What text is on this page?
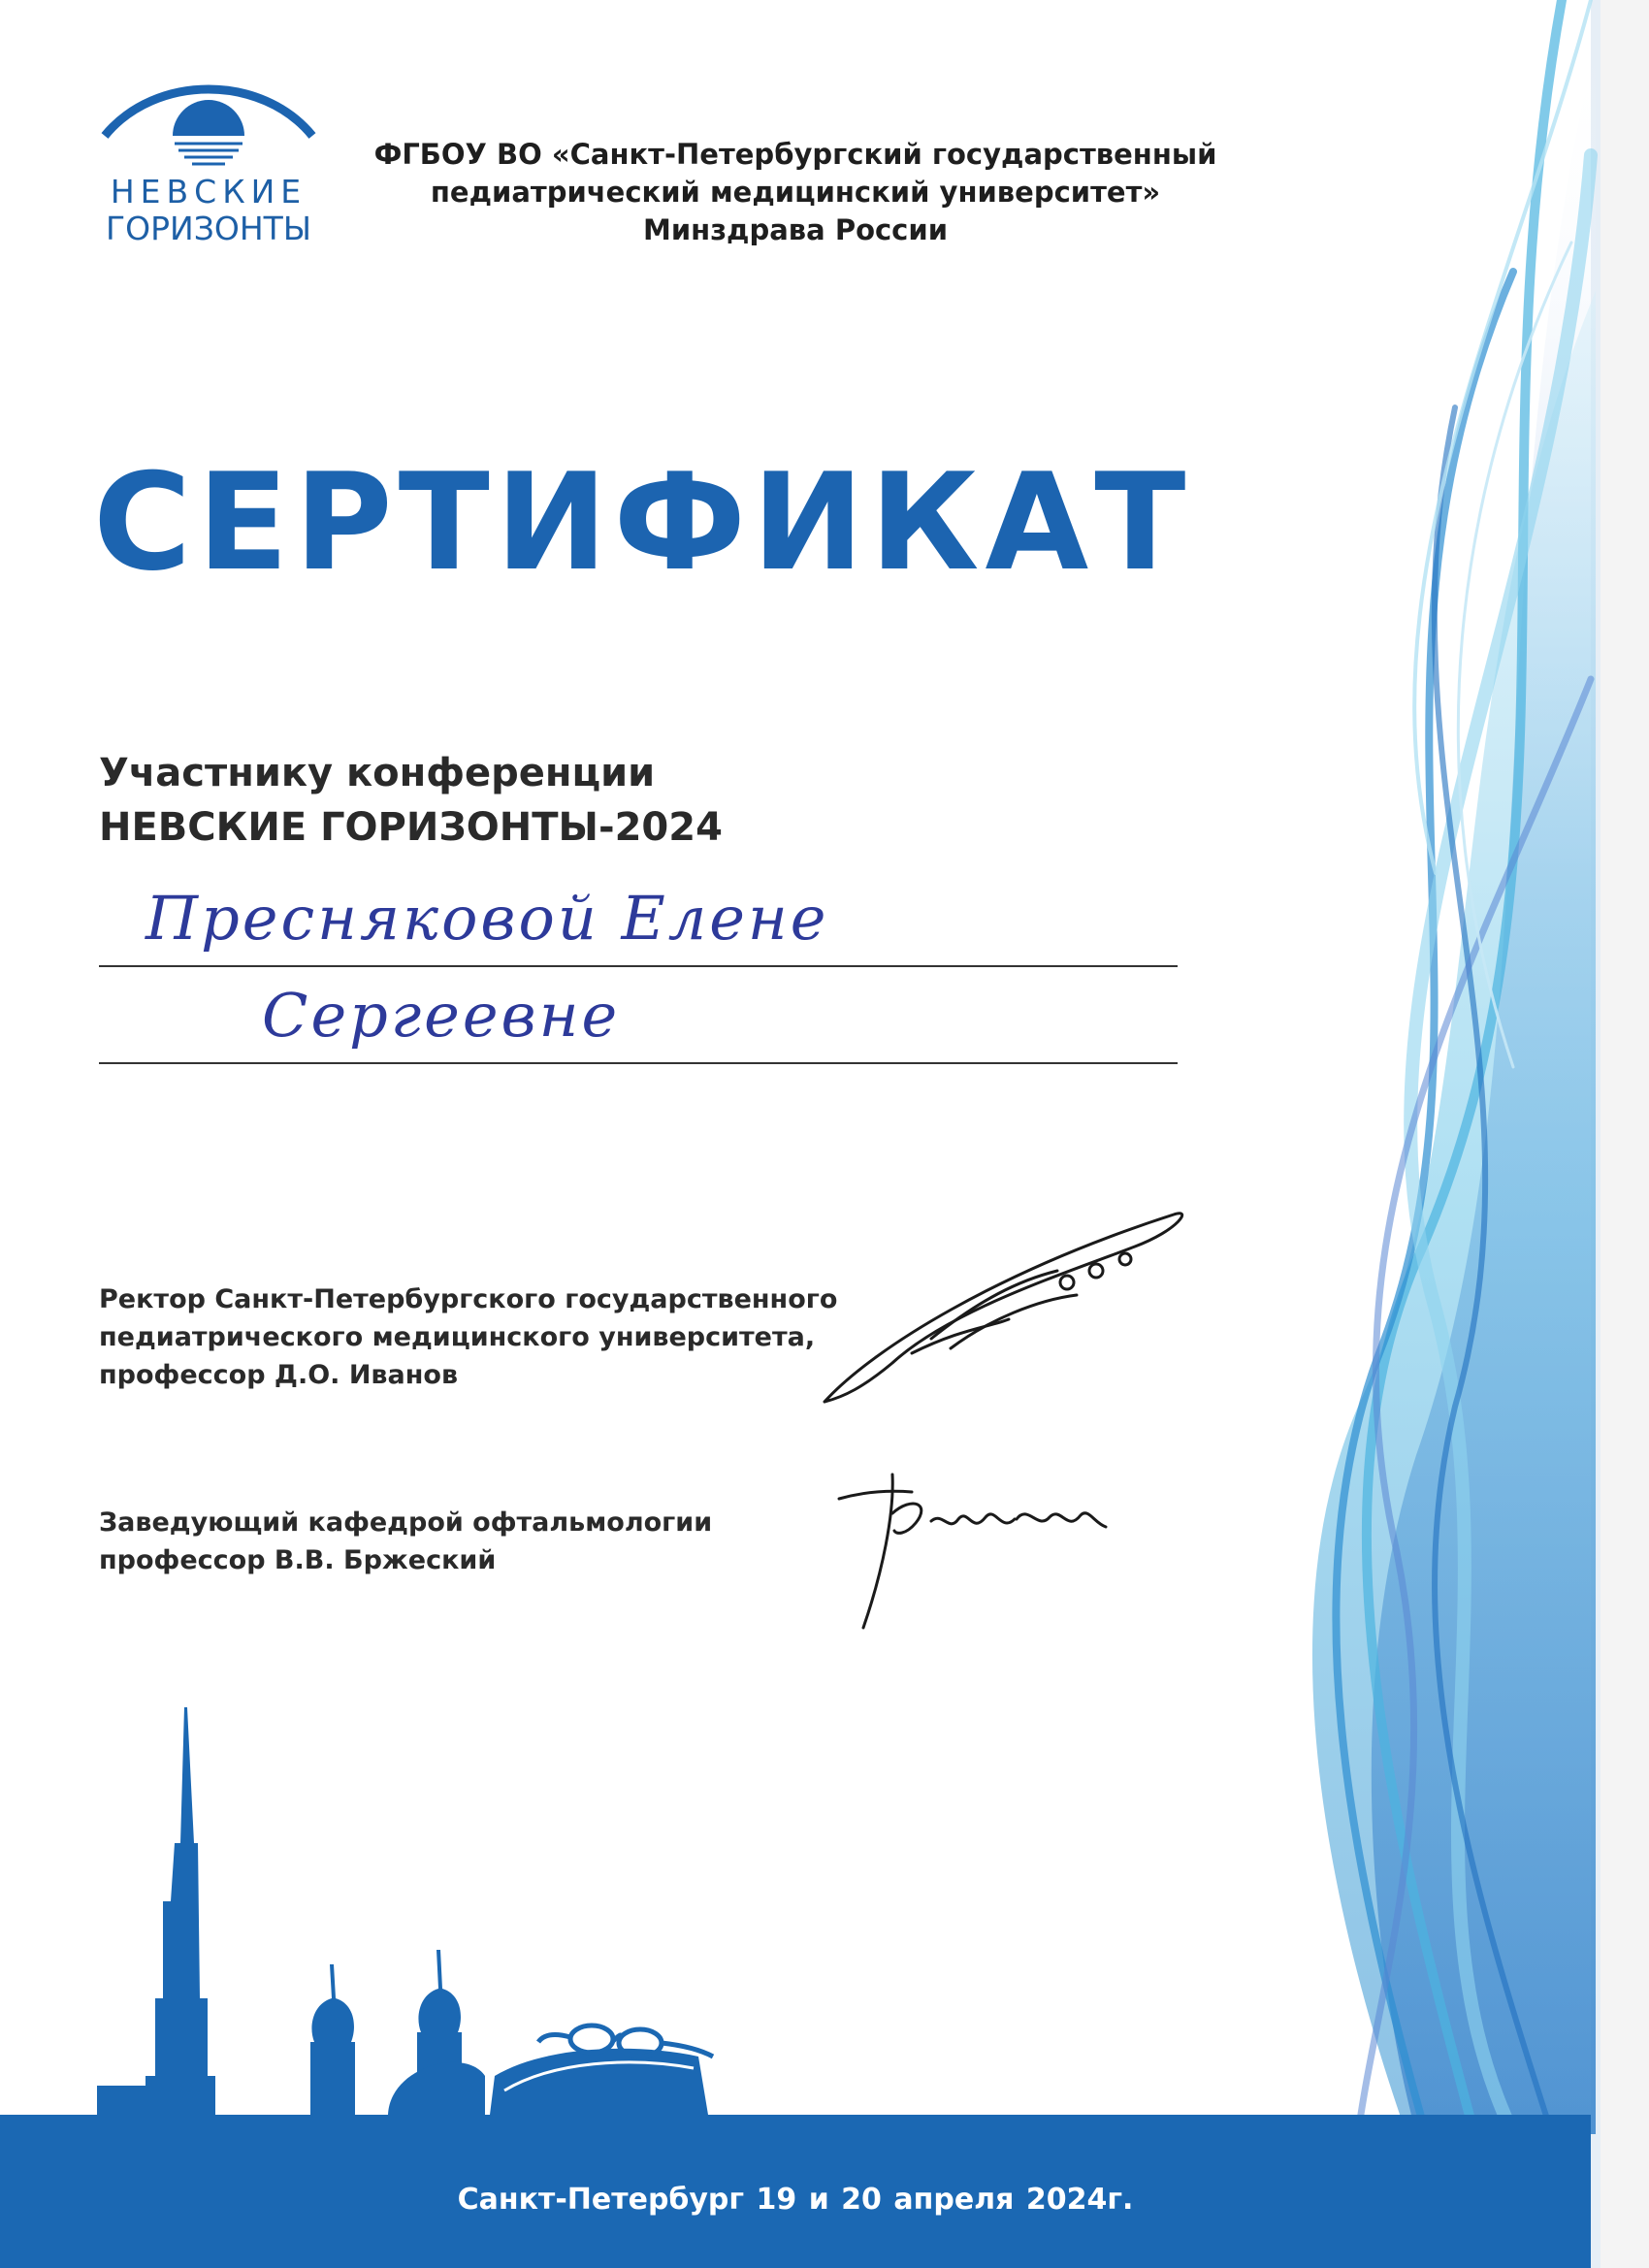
НЕВСКИЕ
ГОРИЗОНТЫ
ФГБОУ ВО «Санкт-Петербургский государственный
педиатрический медицинский университет»
Минздрава России
СЕРТИФИКАТ
Участнику конференции
НЕВСКИЕ ГОРИЗОНТЫ-2024
Пресняковой Елене
Сергеевне
Ректор Санкт-Петербургского государственного
педиатрического медицинского университета,
профессор Д.О. Иванов
Заведующий кафедрой офтальмологии
профессор В.В. Бржеский
Санкт-Петербург 19 и 20 апреля 2024г.
